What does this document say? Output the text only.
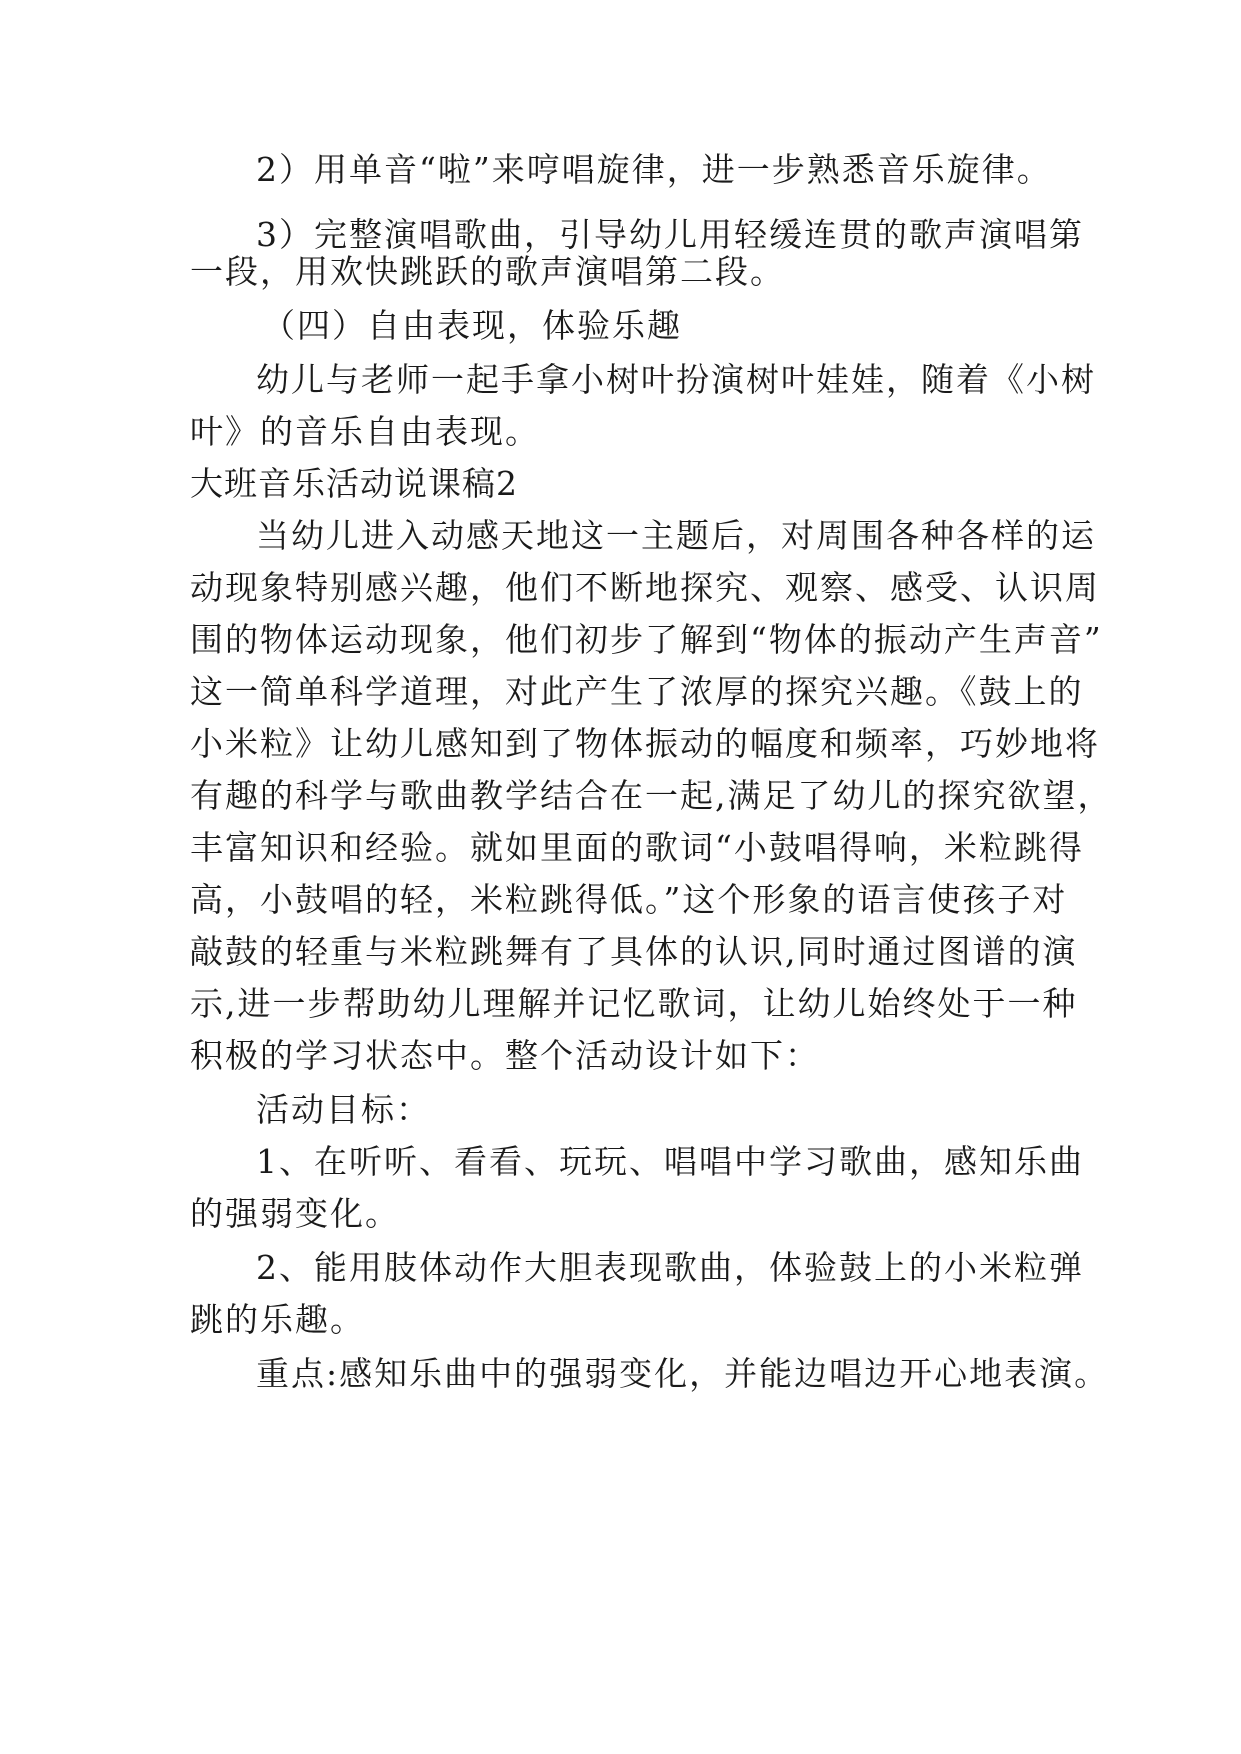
2）用单音“啦”来哼唱旋律，进一步熟悉音乐旋律。
3）完整演唱歌曲，引导幼儿用轻缓连贯的歌声演唱第
一段，用欢快跳跃的歌声演唱第二段。
（四）自由表现，体验乐趣
幼儿与老师一起手拿小树叶扮演树叶娃娃，随着《小树
叶》的音乐自由表现。
大班音乐活动说课稿2
当幼儿进入动感天地这一主题后，对周围各种各样的运
动现象特别感兴趣，他们不断地探究、观察、感受、认识周
围的物体运动现象，他们初步了解到“物体的振动产生声音”
这一简单科学道理，对此产生了浓厚的探究兴趣。《鼓上的
小米粒》让幼儿感知到了物体振动的幅度和频率，巧妙地将
有趣的科学与歌曲教学结合在一起,满足了幼儿的探究欲望，
丰富知识和经验。就如里面的歌词“小鼓唱得响，米粒跳得
高，小鼓唱的轻，米粒跳得低。”这个形象的语言使孩子对
敲鼓的轻重与米粒跳舞有了具体的认识,同时通过图谱的演
示,进一步帮助幼儿理解并记忆歌词，让幼儿始终处于一种
积极的学习状态中。整个活动设计如下：
活动目标：
1、在听听、看看、玩玩、唱唱中学习歌曲，感知乐曲
的强弱变化。
2、能用肢体动作大胆表现歌曲，体验鼓上的小米粒弹
跳的乐趣。
重点:感知乐曲中的强弱变化，并能边唱边开心地表演。
